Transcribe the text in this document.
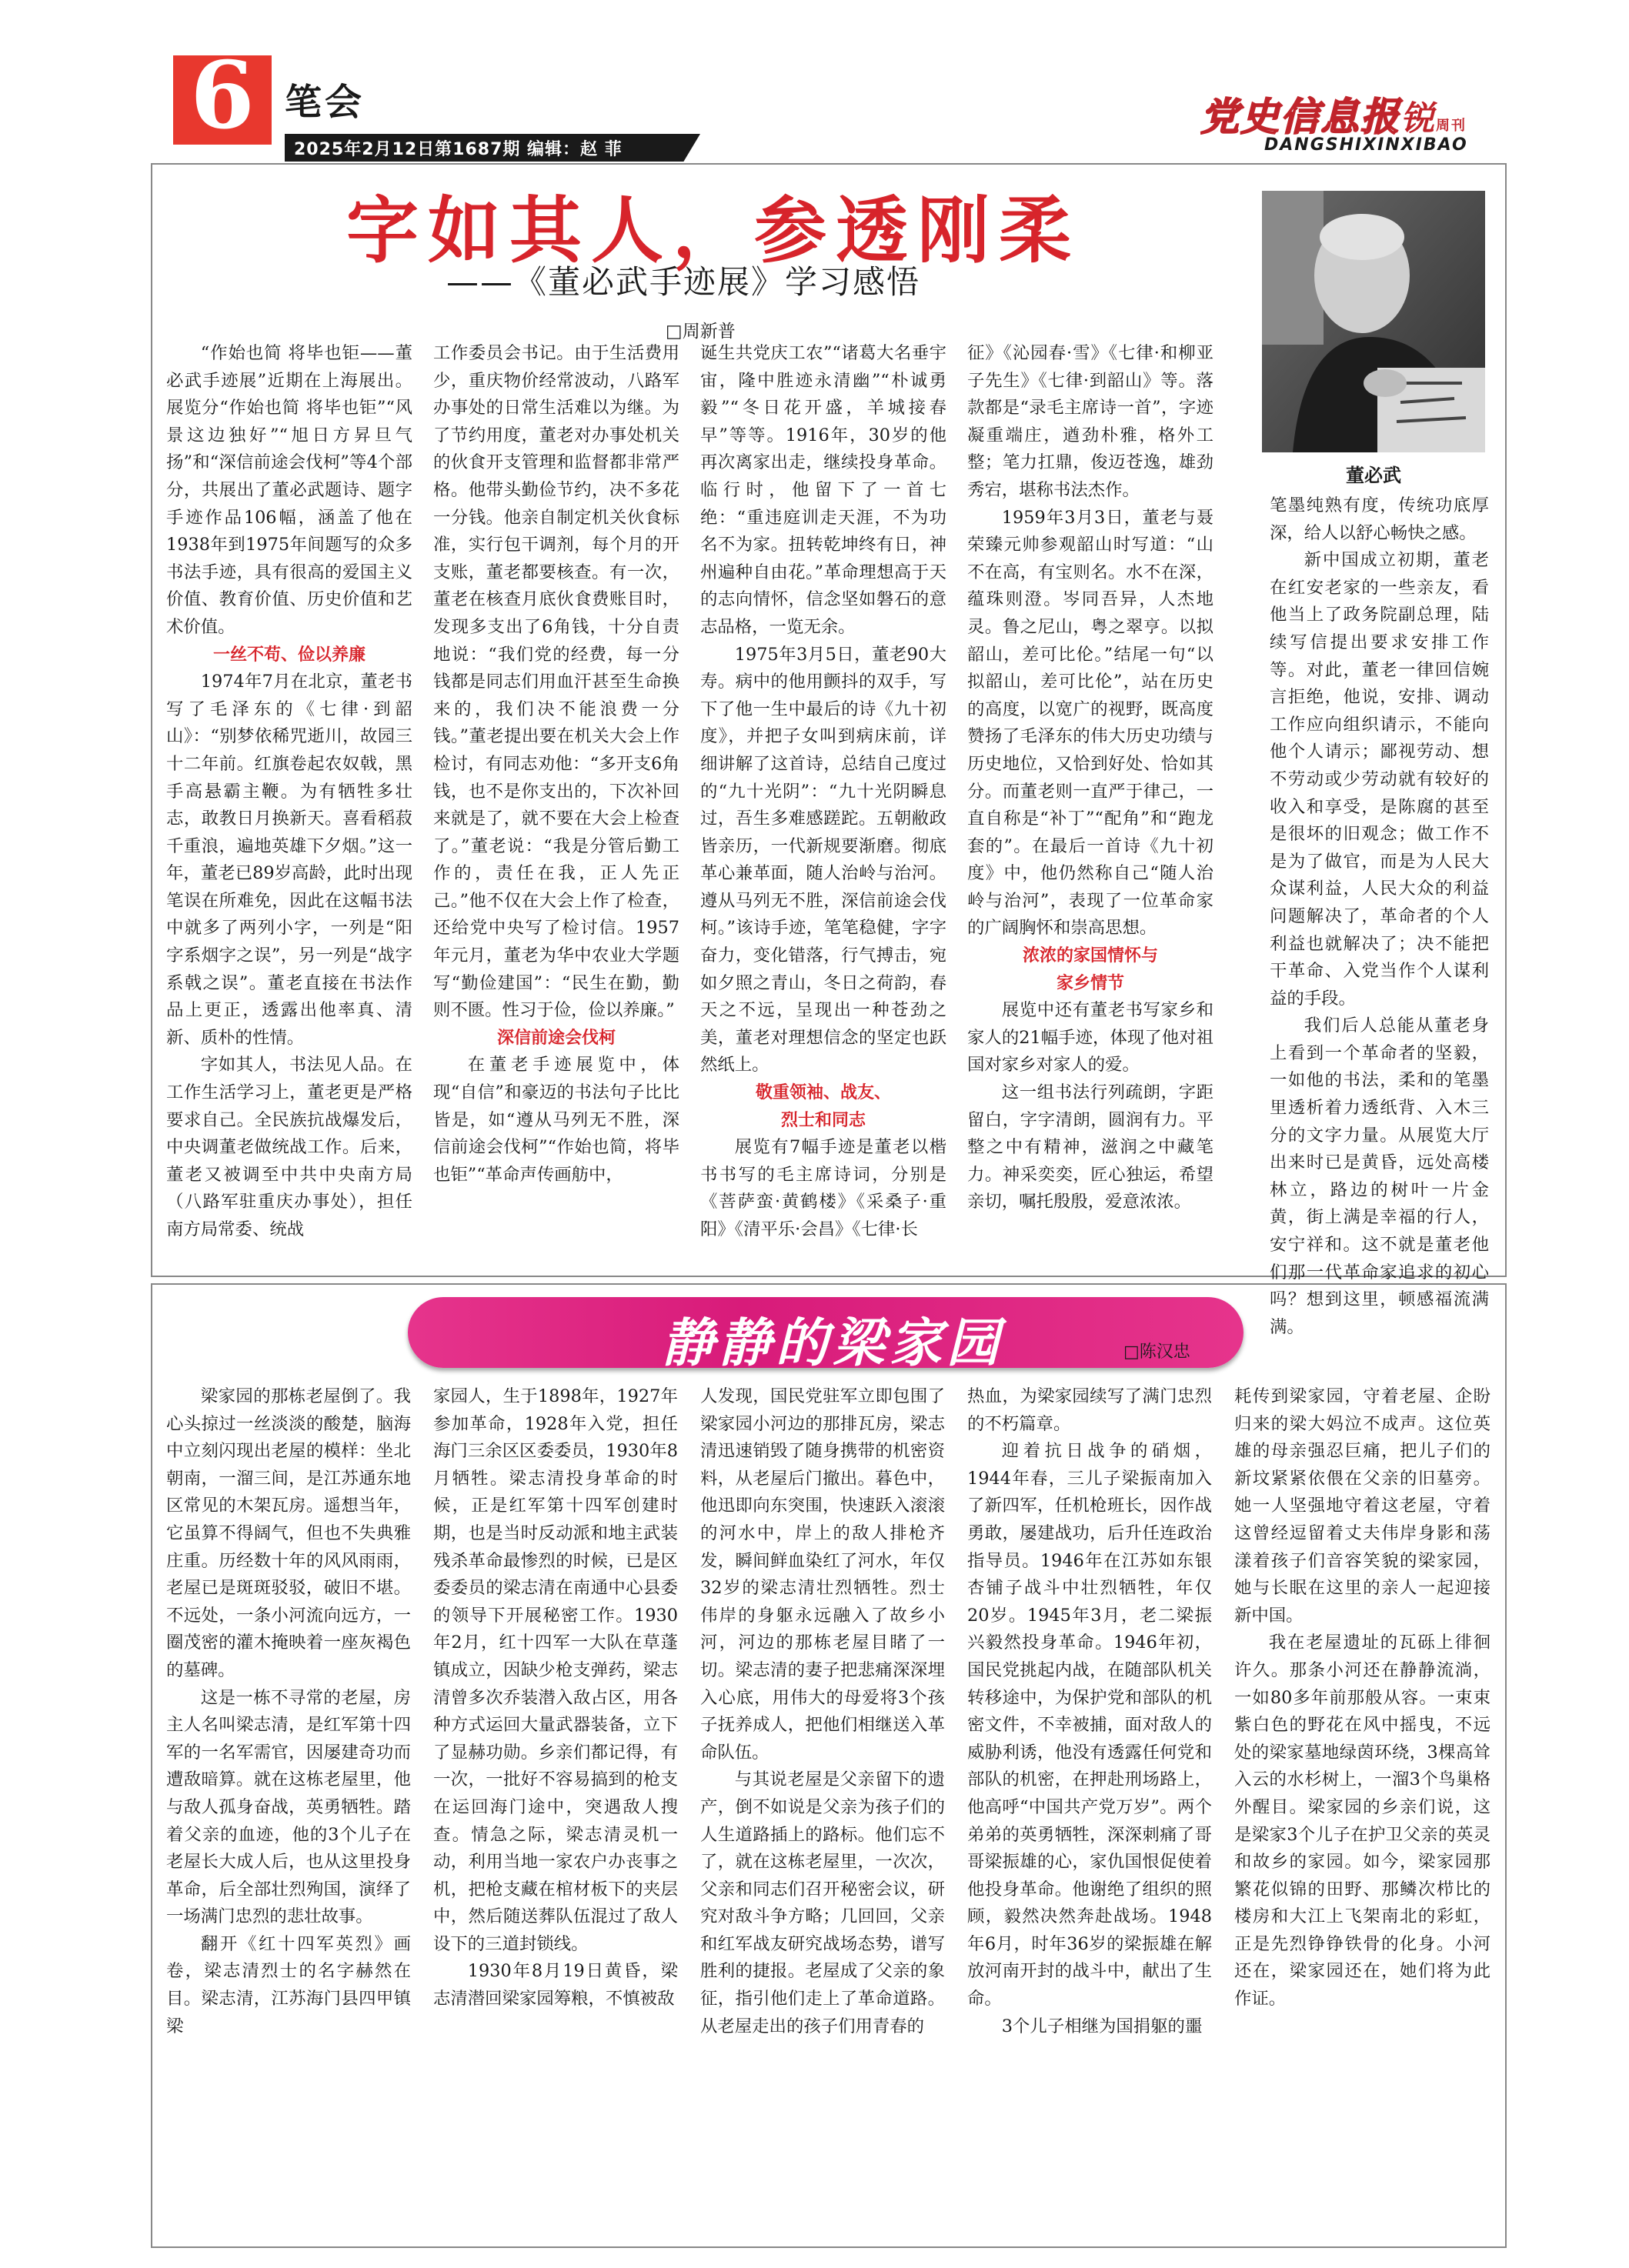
6 笔会
2025年2月12日第1687期 编辑：赵 菲
党史信息报锐周刊
DANGSHIXINXIBAO
字如其人，参透刚柔
——《董必武手迹展》学习感悟
□周新普
董必武

“作始也简 将毕也钜——董必武手迹展”近期在上海展出。展览分“作始也简 将毕也钜”“风景这边独好”“旭日方昇旦气扬”和“深信前途会伐柯”等4个部分，共展出了董必武题诗、题字手迹作品106幅，涵盖了他在1938年到1975年间题写的众多书法手迹，具有很高的爱国主义价值、教育价值、历史价值和艺术价值。

一丝不苟、俭以养廉

1974年7月在北京，董老书写了毛泽东的《七律·到韶山》：“别梦依稀咒逝川，故园三十二年前。红旗卷起农奴戟，黑手高悬霸主鞭。为有牺牲多壮志，敢教日月换新天。喜看稻菽千重浪，遍地英雄下夕烟。”这一年，董老已89岁高龄，此时出现笔误在所难免，因此在这幅书法中就多了两列小字，一列是“阳字系烟字之误”，另一列是“战字系戟之误”。董老直接在书法作品上更正，透露出他率真、清新、质朴的性情。

字如其人，书法见人品。在工作生活学习上，董老更是严格要求自己。全民族抗战爆发后，中央调董老做统战工作。后来，董老又被调至中共中央南方局（八路军驻重庆办事处），担任南方局常委、统战

工作委员会书记。由于生活费用少，重庆物价经常波动，八路军办事处的日常生活难以为继。为了节约用度，董老对办事处机关的伙食开支管理和监督都非常严格。他带头勤俭节约，决不多花一分钱。他亲自制定机关伙食标准，实行包干调剂，每个月的开支账，董老都要核查。有一次，董老在核查月底伙食费账目时，发现多支出了6角钱，十分自责地说：“我们党的经费，每一分钱都是同志们用血汗甚至生命换来的，我们决不能浪费一分钱。”董老提出要在机关大会上作检讨，有同志劝他：“多开支6角钱，也不是你支出的，下次补回来就是了，就不要在大会上检查了。”董老说：“我是分管后勤工作的，责任在我，正人先正己。”他不仅在大会上作了检查，还给党中央写了检讨信。1957年元月，董老为华中农业大学题写“勤俭建国”：“民生在勤，勤则不匮。性习于俭，俭以养廉。”

深信前途会伐柯

在董老手迹展览中，体现“自信”和豪迈的书法句子比比皆是，如“遵从马列无不胜，深信前途会伐柯”“作始也简，将毕也钜”“革命声传画舫中，

诞生共党庆工农”“诸葛大名垂宇宙，隆中胜迹永清幽”“朴诚勇毅”“冬日花开盛，羊城接春早”等等。1916年，30岁的他再次离家出走，继续投身革命。临行时，他留下了一首七绝：“重违庭训走天涯，不为功名不为家。扭转乾坤终有日，神州遍种自由花。”革命理想高于天的志向情怀，信念坚如磐石的意志品格，一览无余。

1975年3月5日，董老90大寿。病中的他用颤抖的双手，写下了他一生中最后的诗《九十初度》，并把子女叫到病床前，详细讲解了这首诗，总结自己度过的“九十光阴”：“九十光阴瞬息过，吾生多难感蹉跎。五朝敝政皆亲历，一代新规要渐磨。彻底革心兼革面，随人治岭与治河。遵从马列无不胜，深信前途会伐柯。”该诗手迹，笔笔稳健，字字奋力，变化错落，行气搏击，宛如夕照之青山，冬日之荷韵，春天之不远，呈现出一种苍劲之美，董老对理想信念的坚定也跃然纸上。

敬重领袖、战友、
烈士和同志

展览有7幅手迹是董老以楷书书写的毛主席诗词，分别是《菩萨蛮·黄鹤楼》《采桑子·重阳》《清平乐·会昌》《七律·长

征》《沁园春·雪》《七律·和柳亚子先生》《七律·到韶山》等。落款都是“录毛主席诗一首”，字迹凝重端庄，遒劲朴雅，格外工整；笔力扛鼎，俊迈苍逸，雄劲秀宕，堪称书法杰作。

1959年3月3日，董老与聂荣臻元帅参观韶山时写道：“山不在高，有宝则名。水不在深，蕴珠则澄。岑同吾异，人杰地灵。鲁之尼山，粤之翠亨。以拟韶山，差可比伦。”结尾一句“以拟韶山，差可比伦”，站在历史的高度，以宽广的视野，既高度赞扬了毛泽东的伟大历史功绩与历史地位，又恰到好处、恰如其分。而董老则一直严于律己，一直自称是“补丁”“配角”和“跑龙套的”。在最后一首诗《九十初度》中，他仍然称自己“随人治岭与治河”，表现了一位革命家的广阔胸怀和崇高思想。

浓浓的家国情怀与
家乡情节

展览中还有董老书写家乡和家人的21幅手迹，体现了他对祖国对家乡对家人的爱。

这一组书法行列疏朗，字距留白，字字清朗，圆润有力。平整之中有精神，滋润之中藏笔力。神采奕奕，匠心独运，希望亲切，嘱托殷殷，爱意浓浓。

笔墨纯熟有度，传统功底厚深，给人以舒心畅快之感。

新中国成立初期，董老在红安老家的一些亲友，看他当上了政务院副总理，陆续写信提出要求安排工作等。对此，董老一律回信婉言拒绝，他说，安排、调动工作应向组织请示，不能向他个人请示；鄙视劳动、想不劳动或少劳动就有较好的收入和享受，是陈腐的甚至是很坏的旧观念；做工作不是为了做官，而是为人民大众谋利益，人民大众的利益问题解决了，革命者的个人利益也就解决了；决不能把干革命、入党当作个人谋利益的手段。

我们后人总能从董老身上看到一个革命者的坚毅，一如他的书法，柔和的笔墨里透析着力透纸背、入木三分的文字力量。从展览大厅出来时已是黄昏，远处高楼林立，路边的树叶一片金黄，街上满是幸福的行人，安宁祥和。这不就是董老他们那一代革命家追求的初心吗？想到这里，顿感福流满满。

静静的梁家园	□陈汉忠

梁家园的那栋老屋倒了。我心头掠过一丝淡淡的酸楚，脑海中立刻闪现出老屋的模样：坐北朝南，一溜三间，是江苏通东地区常见的木架瓦房。遥想当年，它虽算不得阔气，但也不失典雅庄重。历经数十年的风风雨雨，老屋已是斑斑驳驳，破旧不堪。不远处，一条小河流向远方，一圈茂密的灌木掩映着一座灰褐色的墓碑。

这是一栋不寻常的老屋，房主人名叫梁志清，是红军第十四军的一名军需官，因屡建奇功而遭敌暗算。就在这栋老屋里，他与敌人孤身奋战，英勇牺牲。踏着父亲的血迹，他的3个儿子在老屋长大成人后，也从这里投身革命，后全部壮烈殉国，演绎了一场满门忠烈的悲壮故事。

翻开《红十四军英烈》画卷，梁志清烈士的名字赫然在目。梁志清，江苏海门县四甲镇梁

家园人，生于1898年，1927年参加革命，1928年入党，担任海门三余区区委委员，1930年8月牺牲。梁志清投身革命的时候，正是红军第十四军创建时期，也是当时反动派和地主武装残杀革命最惨烈的时候，已是区委委员的梁志清在南通中心县委的领导下开展秘密工作。1930年2月，红十四军一大队在草蓬镇成立，因缺少枪支弹药，梁志清曾多次乔装潜入敌占区，用各种方式运回大量武器装备，立下了显赫功勋。乡亲们都记得，有一次，一批好不容易搞到的枪支在运回海门途中，突遇敌人搜查。情急之际，梁志清灵机一动，利用当地一家农户办丧事之机，把枪支藏在棺材板下的夹层中，然后随送葬队伍混过了敌人设下的三道封锁线。

1930年8月19日黄昏，梁志清潜回梁家园筹粮，不慎被敌

人发现，国民党驻军立即包围了梁家园小河边的那排瓦房，梁志清迅速销毁了随身携带的机密资料，从老屋后门撤出。暮色中，他迅即向东突围，快速跃入滚滚的河水中，岸上的敌人排枪齐发，瞬间鲜血染红了河水，年仅32岁的梁志清壮烈牺牲。烈士伟岸的身躯永远融入了故乡小河，河边的那栋老屋目睹了一切。梁志清的妻子把悲痛深深埋入心底，用伟大的母爱将3个孩子抚养成人，把他们相继送入革命队伍。

与其说老屋是父亲留下的遗产，倒不如说是父亲为孩子们的人生道路插上的路标。他们忘不了，就在这栋老屋里，一次次，父亲和同志们召开秘密会议，研究对敌斗争方略；几回回，父亲和红军战友研究战场态势，谱写胜利的捷报。老屋成了父亲的象征，指引他们走上了革命道路。从老屋走出的孩子们用青春的

热血，为梁家园续写了满门忠烈的不朽篇章。

迎着抗日战争的硝烟，1944年春，三儿子梁振南加入了新四军，任机枪班长，因作战勇敢，屡建战功，后升任连政治指导员。1946年在江苏如东银杏铺子战斗中壮烈牺牲，年仅20岁。1945年3月，老二梁振兴毅然投身革命。1946年初，国民党挑起内战，在随部队机关转移途中，为保护党和部队的机密文件，不幸被捕，面对敌人的威胁利诱，他没有透露任何党和部队的机密，在押赴刑场路上，他高呼“中国共产党万岁”。两个弟弟的英勇牺牲，深深刺痛了哥哥梁振雄的心，家仇国恨促使着他投身革命。他谢绝了组织的照顾，毅然决然奔赴战场。1948年6月，时年36岁的梁振雄在解放河南开封的战斗中，献出了生命。

3个儿子相继为国捐躯的噩

耗传到梁家园，守着老屋、企盼归来的梁大妈泣不成声。这位英雄的母亲强忍巨痛，把儿子们的新坟紧紧依偎在父亲的旧墓旁。她一人坚强地守着这老屋，守着这曾经逗留着丈夫伟岸身影和荡漾着孩子们音容笑貌的梁家园，她与长眠在这里的亲人一起迎接新中国。

我在老屋遗址的瓦砾上徘徊许久。那条小河还在静静流淌，一如80多年前那般从容。一束束紫白色的野花在风中摇曳，不远处的梁家墓地绿茵环绕，3棵高耸入云的水杉树上，一溜3个鸟巢格外醒目。梁家园的乡亲们说，这是梁家3个儿子在护卫父亲的英灵和故乡的家园。如今，梁家园那繁花似锦的田野、那鳞次栉比的楼房和大江上飞架南北的彩虹，正是先烈铮铮铁骨的化身。小河还在，梁家园还在，她们将为此作证。
